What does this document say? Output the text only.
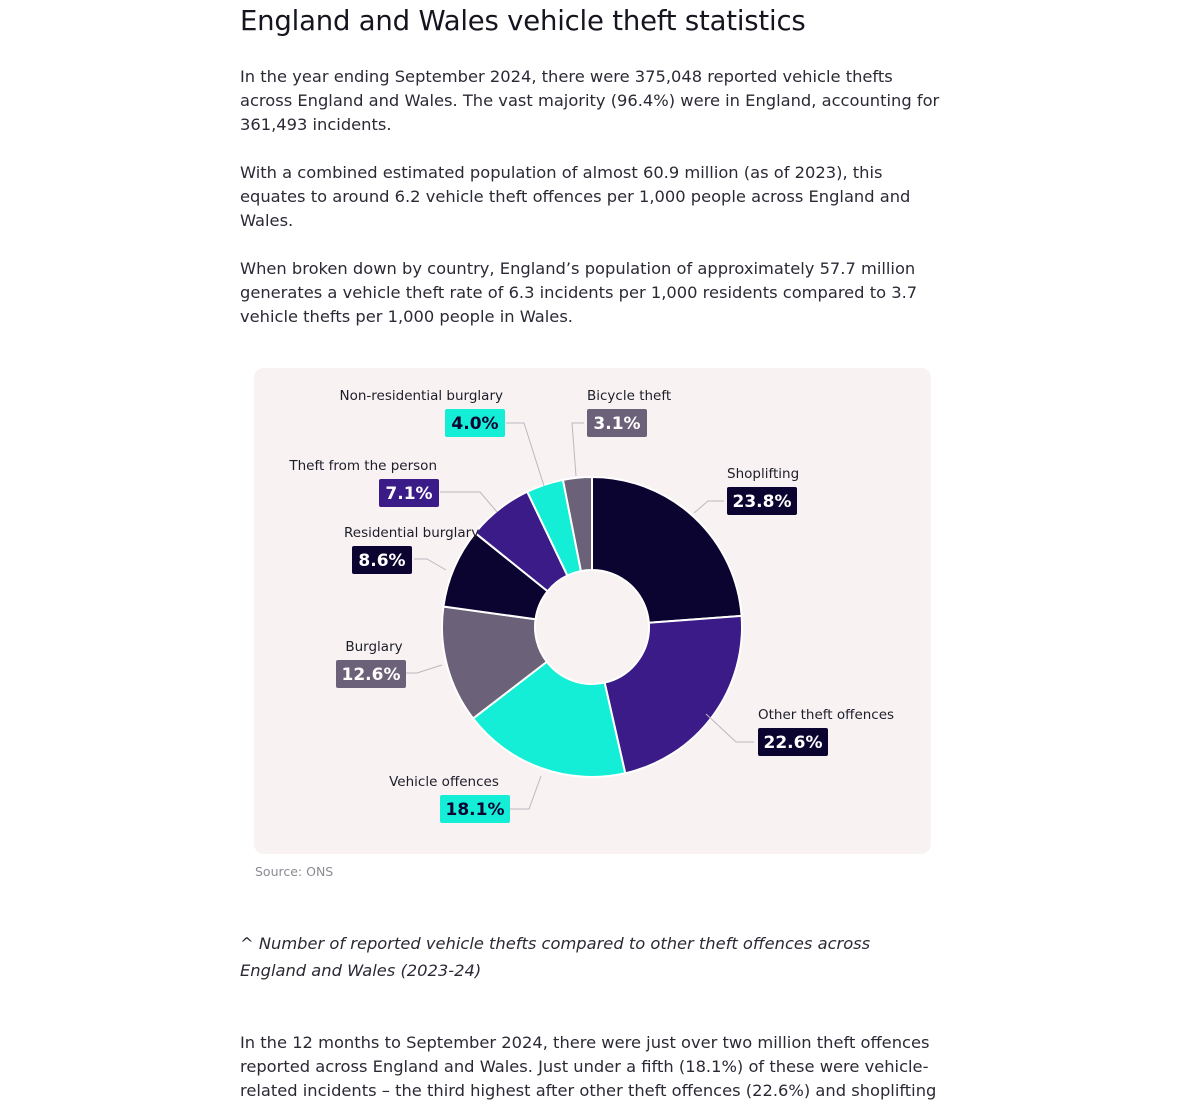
England and Wales vehicle theft statistics

In the year ending September 2024, there were 375,048 reported vehicle thefts
across England and Wales. The vast majority (96.4%) were in England, accounting for
361,493 incidents.

With a combined estimated population of almost 60.9 million (as of 2023), this
equates to around 6.2 vehicle theft offences per 1,000 people across England and
Wales.

When broken down by country, England’s population of approximately 57.7 million
generates a vehicle theft rate of 6.3 incidents per 1,000 residents compared to 3.7
vehicle thefts per 1,000 people in Wales.

Shoplifting
23.8%
Other theft offences
22.6%
Vehicle offences
18.1%
Burglary
12.6%
Residential burglary
8.6%
Theft from the person
7.1%
Non-residential burglary
4.0%
Bicycle theft
3.1%
Source: ONS

^ Number of reported vehicle thefts compared to other theft offences across
England and Wales (2023-24)

In the 12 months to September 2024, there were just over two million theft offences
reported across England and Wales. Just under a fifth (18.1%) of these were vehicle-
related incidents – the third highest after other theft offences (22.6%) and shoplifting
